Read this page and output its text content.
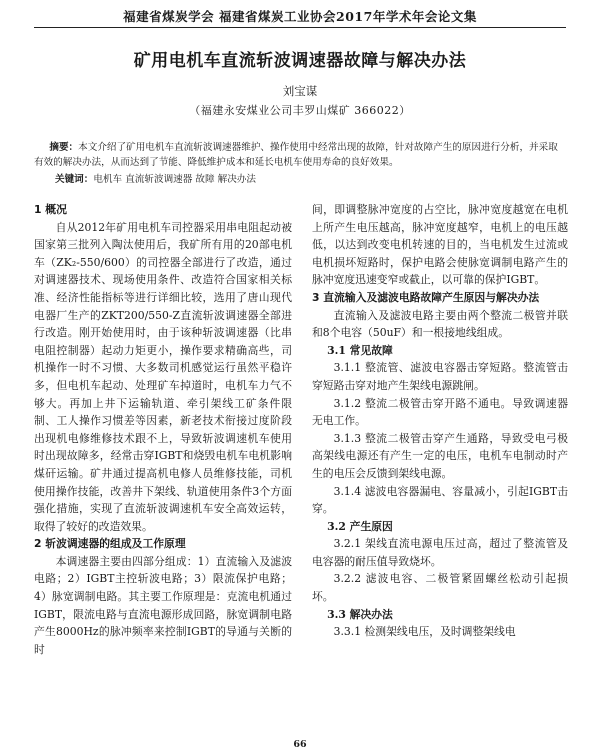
福建省煤炭学会 福建省煤炭工业协会2017年学术年会论文集
矿用电机车直流斩波调速器故障与解决办法
刘宝谋
（福建永安煤业公司丰罗山煤矿 366022）

摘要：本文介绍了矿用电机车直流斩波调速器维护、操作使用中经常出现的故障，针对故障产生的原因进行分析，并采取有效的解决办法，从而达到了节能、降低维护成本和延长电机车使用寿命的良好效果。

关键词：电机车 直流斩波调速器 故障 解决办法
1 概况

自从2012年矿用电机车司控器采用串电阻起动被国家第三批列入陶汰使用后，我矿所有用的20部电机车（ZK₂-550/600）的司控器全部进行了改造，通过对调速器技术、现场使用条件、改造符合国家相关标准、经济性能指标等进行详细比较，选用了唐山现代电器厂生产的ZKT200/550-Z直流斩波调速器全部进行改造。刚开始使用时，由于该种斩波调速器（比串电阻控制器）起动力矩更小，操作要求精确高些，司机操作一时不习惯、大多数司机感觉运行虽然平稳许多，但电机车起动、处理矿车掉道时，电机车力气不够大。再加上井下运输轨道、牵引架线工矿条件限制、工人操作习惯差等因素，新老技术衔接过度阶段出现机电修维修技术跟不上，导致斩波调速机车使用时出现故障多，经常击穿IGBT和烧毁电机车电机影响煤矸运输。矿井通过提高机电修人员维修技能，司机使用操作技能，改善井下架线、轨道使用条件3个方面强化措施，实现了直流斩波调速机车安全高效运转，取得了较好的改造效果。

2 斩波调速器的组成及工作原理

本调速器主要由四部分组成：1）直流输入及滤波电路；2）IGBT主控斩波电路；3）限流保护电路；4）脉宽调制电路。其主要工作原理是：克流电机通过IGBT，限流电路与直流电源形成回路，脉宽调制电路产生8000Hz的脉冲频率来控制IGBT的导通与关断的时

间，即调整脉冲宽度的占空比，脉冲宽度越宽在电机上所产生电压越高，脉冲宽度越窄，电机上的电压越低，以达到改变电机转速的目的，当电机发生过流或电机损坏短路时，保护电路会使脉宽调制电路产生的脉冲宽度迅速变窄或截止，以可靠的保护IGBT。

3 直流输入及滤波电路故障产生原因与解决办法

直流输入及滤波电路主要由两个整流二极管并联和8个电容（50uF）和一根接地线组成。

3.1 常见故障

3.1.1 整流管、滤波电容器击穿短路。整流管击穿短路击穿对地产生架线电源跳闸。

3.1.2 整流二极管击穿开路不通电。导致调速器无电工作。

3.1.3 整流二极管击穿产生通路，导致受电弓极高架线电源还有产生一定的电压，电机车电制动时产生的电压会反馈到架线电源。

3.1.4 滤波电容器漏电、容量减小，引起IGBT击穿。

3.2 产生原因

3.2.1 架线直流电源电压过高，超过了整流管及电容器的耐压值导致烧坏。

3.2.2 滤波电容、二极管紧固螺丝松动引起损坏。

3.3 解决办法

3.3.1 检测架线电压，及时调整架线电

66
